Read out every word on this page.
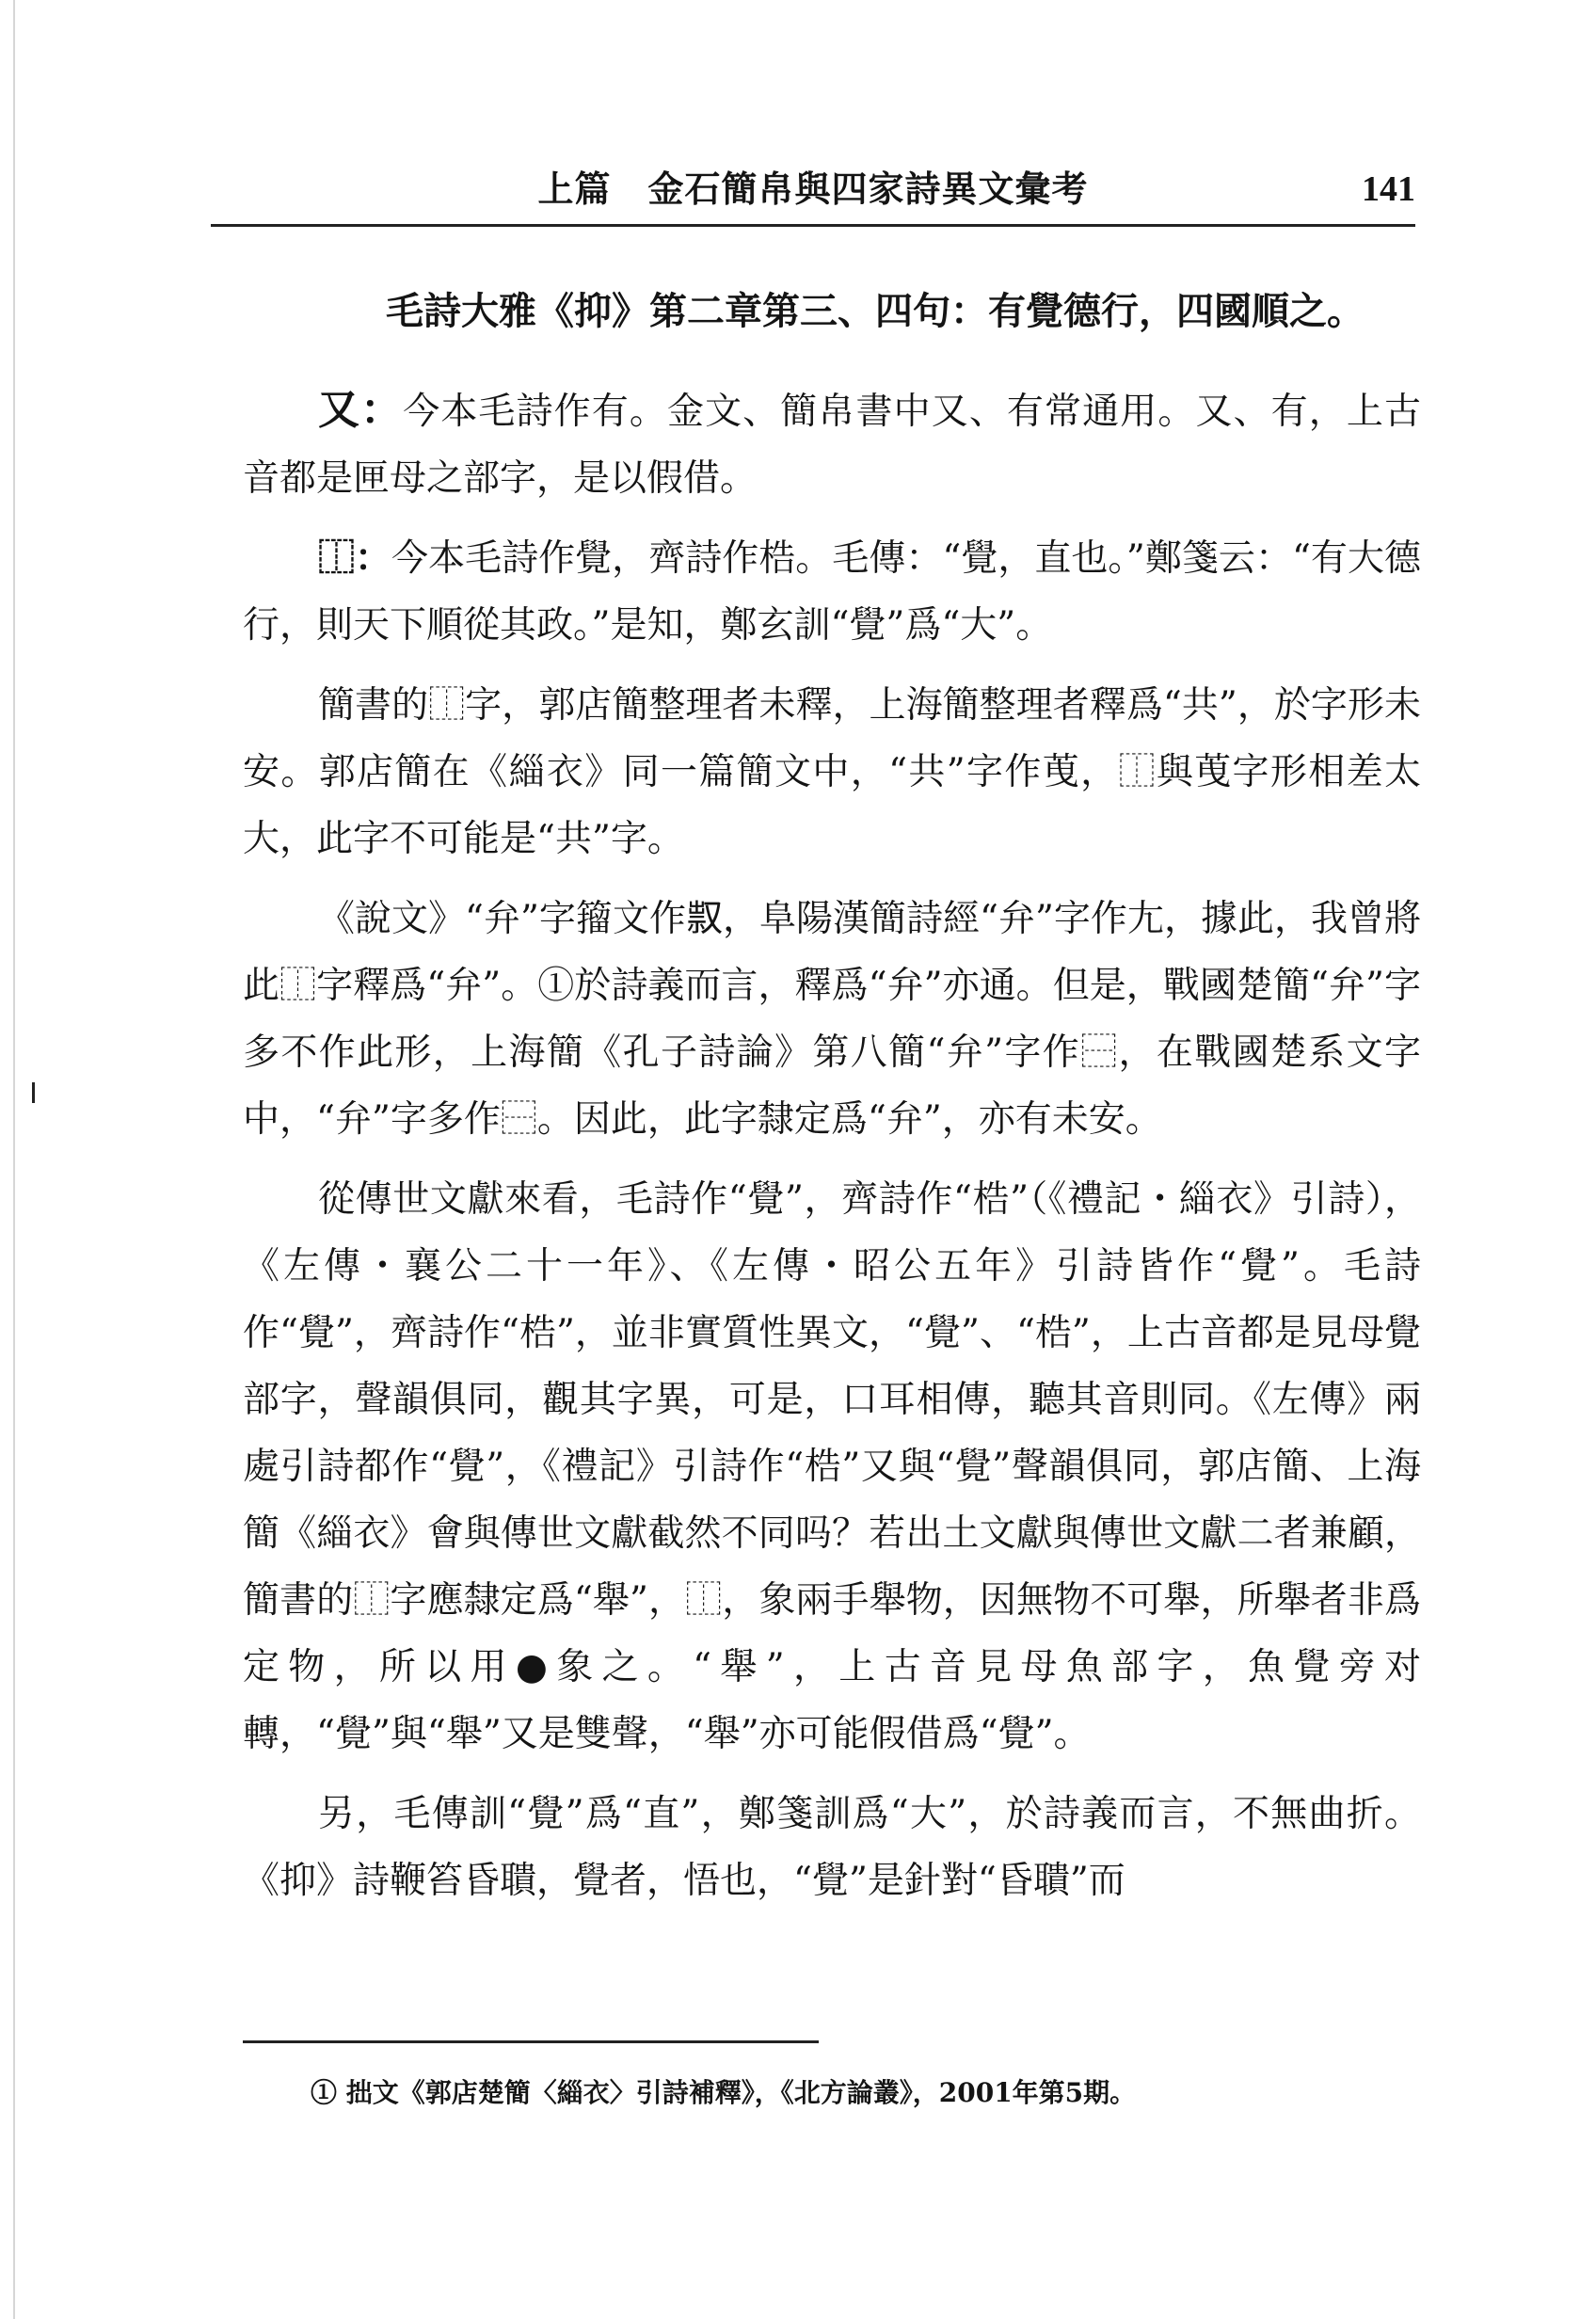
上篇　金石簡帛與四家詩異文彙考	141
毛詩大雅《抑》第二章第三、四句：有覺德行，四國順之。

又：今本毛詩作有。金文、簡帛書中又、有常通用。又、有，上古音都是匣母之部字，是以假借。

⿰：今本毛詩作覺，齊詩作梏。毛傳：“覺，直也。”鄭箋云：“有大德行，則天下順從其政。”是知，鄭玄訓“覺”爲“大”。

簡書的⿰字，郭店簡整理者未釋，上海簡整理者釋爲“共”，於字形未安。郭店簡在《緇衣》同一篇簡文中，“共”字作䒶，⿰與䒶字形相差太大，此字不可能是“共”字。

《說文》“弁”字籀文作𠭥，阜陽漢簡詩經“弁”字作𡯁，據此，我曾將此⿰字釋爲“弁”。①於詩義而言，釋爲“弁”亦通。但是，戰國楚簡“弁”字多不作此形，上海簡《孔子詩論》第八簡“弁”字作⿱，在戰國楚系文字中，“弁”字多作⿱。因此，此字隸定爲“弁”，亦有未安。

從傳世文獻來看，毛詩作“覺”，齊詩作“梏”（《禮記・緇衣》引詩），《左傳・襄公二十一年》、《左傳・昭公五年》引詩皆作“覺”。毛詩作“覺”，齊詩作“梏”，並非實質性異文，“覺”、“梏”，上古音都是見母覺部字，聲韻俱同，觀其字異，可是，口耳相傳，聽其音則同。《左傳》兩處引詩都作“覺”，《禮記》引詩作“梏”又與“覺”聲韻俱同，郭店簡、上海簡《緇衣》會與傳世文獻截然不同吗？若出土文獻與傳世文獻二者兼顧，簡書的⿰字應隸定爲“舉”，⿰，象兩手舉物，因無物不可舉，所舉者非爲定物，所以用●象之。“舉”，上古音見母魚部字，魚覺旁对轉，“覺”與“舉”又是雙聲，“舉”亦可能假借爲“覺”。

另，毛傳訓“覺”爲“直”，鄭箋訓爲“大”，於詩義而言，不無曲折。《抑》詩鞭笞昏聵，覺者，悟也，“覺”是針對“昏聵”而

① 拙文《郭店楚簡〈緇衣〉引詩補釋》，《北方論叢》，2001年第5期。
